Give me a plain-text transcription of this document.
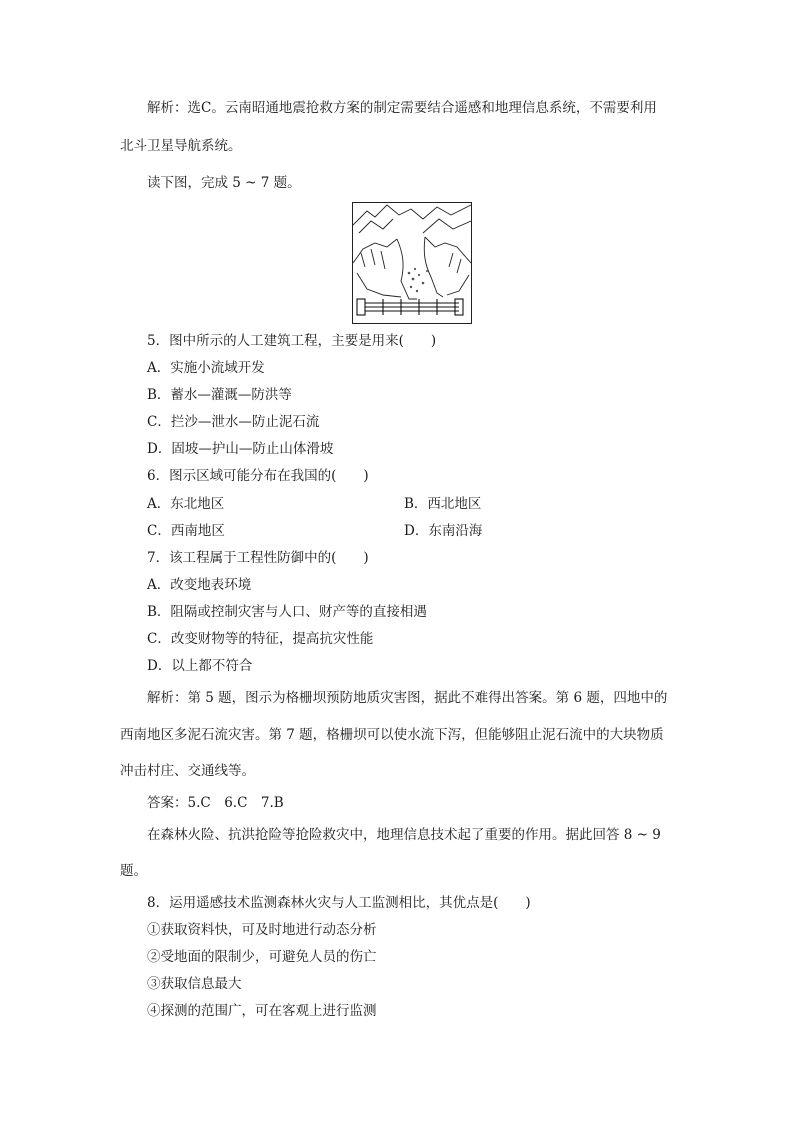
解析：选C。云南昭通地震抢救方案的制定需要结合遥感和地理信息系统，不需要利用
北斗卫星导航系统。
读下图，完成 5 ~ 7 题。
5．图中所示的人工建筑工程，主要是用来(　　)
A．实施小流域开发
B．蓄水—灌溉—防洪等
C．拦沙—泄水—防止泥石流
D．固坡—护山—防止山体滑坡
6．图示区域可能分布在我国的(　　)
A．东北地区	B．西北地区
C．西南地区	D．东南沿海
7．该工程属于工程性防御中的(　　)
A．改变地表环境
B．阻隔或控制灾害与人口、财产等的直接相遇
C．改变财物等的特征，提高抗灾性能
D．以上都不符合
解析：第 5 题，图示为格栅坝预防地质灾害图，据此不难得出答案。第 6 题，四地中的
西南地区多泥石流灾害。第 7 题，格栅坝可以使水流下泻，但能够阻止泥石流中的大块物质
冲击村庄、交通线等。
答案：5.C　6.C　7.B
在森林火险、抗洪抢险等抢险救灾中，地理信息技术起了重要的作用。据此回答 8 ~ 9
题。
8．运用遥感技术监测森林火灾与人工监测相比，其优点是(　　)
①获取资料快，可及时地进行动态分析
②受地面的限制少，可避免人员的伤亡
③获取信息最大
④探测的范围广，可在客观上进行监测
